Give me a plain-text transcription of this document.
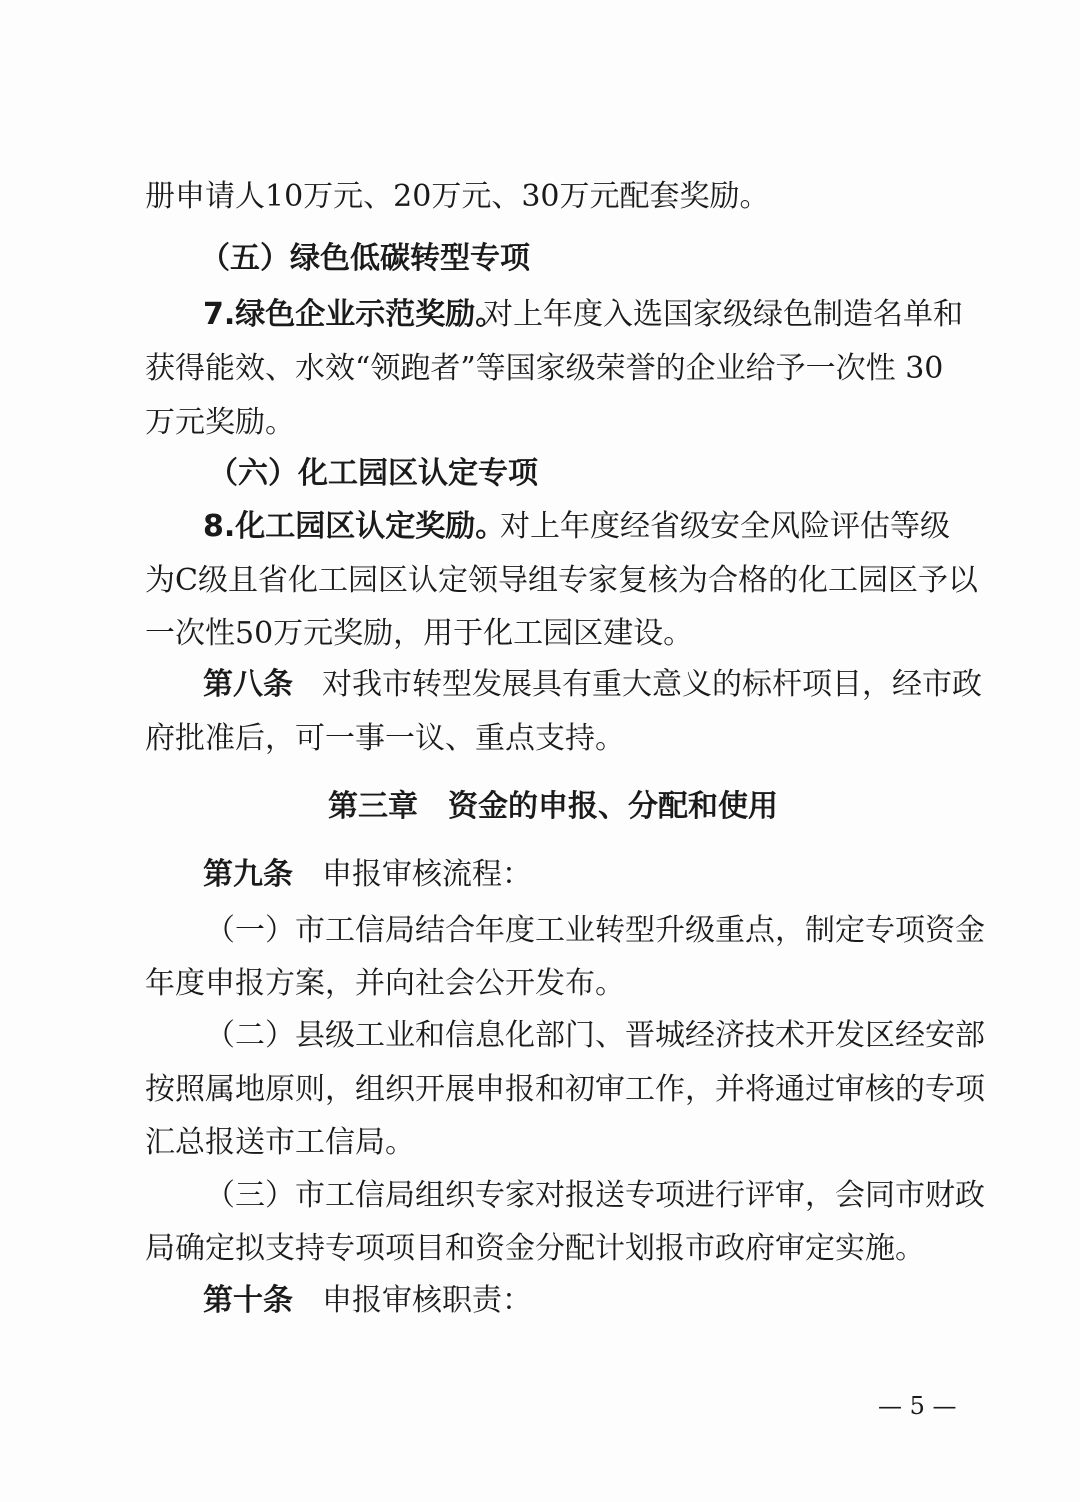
册申请人10万元、20万元、30万元配套奖励。
（五）绿色低碳转型专项
7.绿色企业示范奖励。
对上年度入选国家级绿色制造名单和
获得能效、水效“领跑者”等国家级荣誉的企业给予一次性 30
万元奖励。
（六）化工园区认定专项
8.化工园区认定奖励。
对上年度经省级安全风险评估等级
为C级且省化工园区认定领导组专家复核为合格的化工园区予以
一次性50万元奖励，用于化工园区建设。
第八条 对我市转型发展具有重大意义的标杆项目，经市政
府批准后，可一事一议、重点支持。
第三章　资金的申报、分配和使用
第九条 申报审核流程：
（一）市工信局结合年度工业转型升级重点，制定专项资金
年度申报方案，并向社会公开发布。
（二）县级工业和信息化部门、晋城经济技术开发区经安部
按照属地原则，组织开展申报和初审工作，并将通过审核的专项
汇总报送市工信局。
（三）市工信局组织专家对报送专项进行评审，会同市财政
局确定拟支持专项项目和资金分配计划报市政府审定实施。
第十条 申报审核职责：
— 5 —
